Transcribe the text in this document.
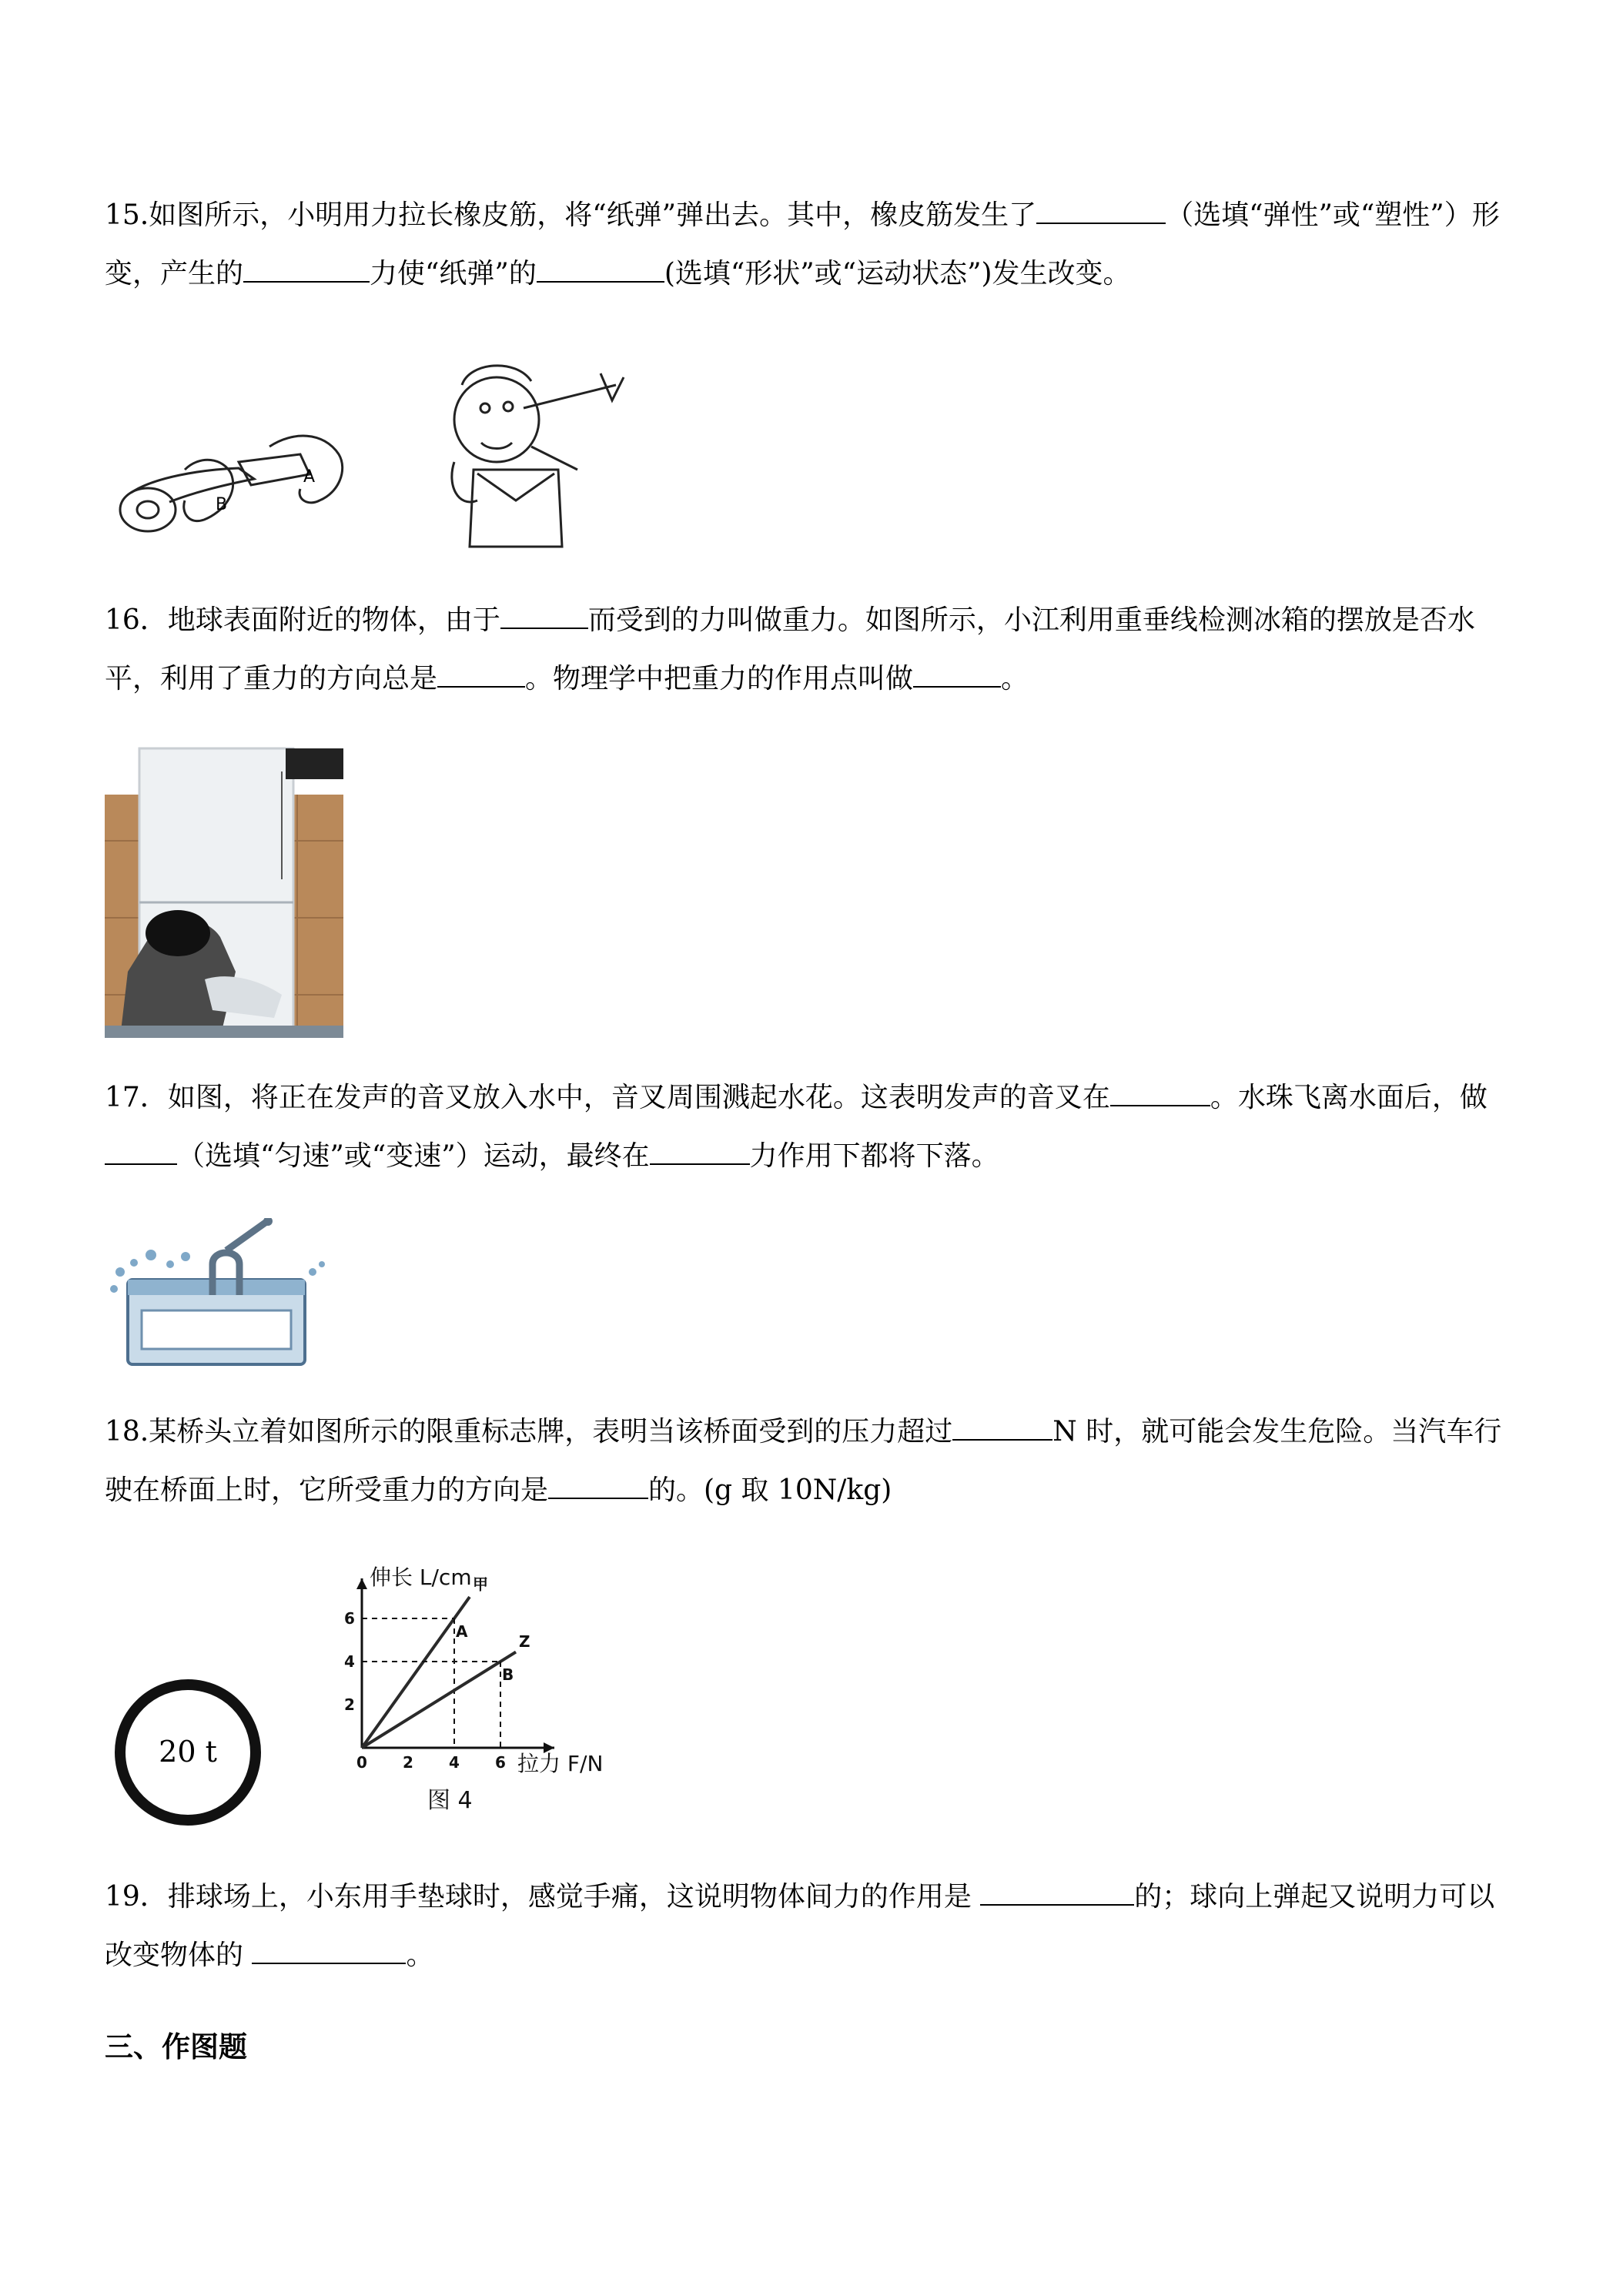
15.如图所示，小明用力拉长橡皮筋，将“纸弹”弹出去。其中，橡皮筋发生了	（选填“弹性”或“塑性”）形变，产生的	力使“纸弹”的	(选填“形状”或“运动状态”)发生改变。

B
A

16．地球表面附近的物体，由于	而受到的力叫做重力。如图所示，小江利用重垂线检测冰箱的摆放是否水平，利用了重力的方向总是	。物理学中把重力的作用点叫做	。

17．如图，将正在发声的音叉放入水中，音叉周围溅起水花。这表明发声的音叉在	。水珠飞离水面后，做（选填“匀速”或“变速”）运动，最终在	力作用下都将下落。

18.某桥头立着如图所示的限重标志牌，表明当该桥面受到的压力超过	N 时，就可能会发生危险。当汽车行驶在桥面上时，它所受重力的方向是	的。(g 取 10N/kg)

20 t
伸长 L/cm
拉力 F/N
图 4
0 2 4 6
2
4
6
A
甲
B
Z

19．排球场上，小东用手垫球时，感觉手痛，这说明物体间力的作用是	的；球向上弹起又说明力可以改变物体的	。

三、作图题
